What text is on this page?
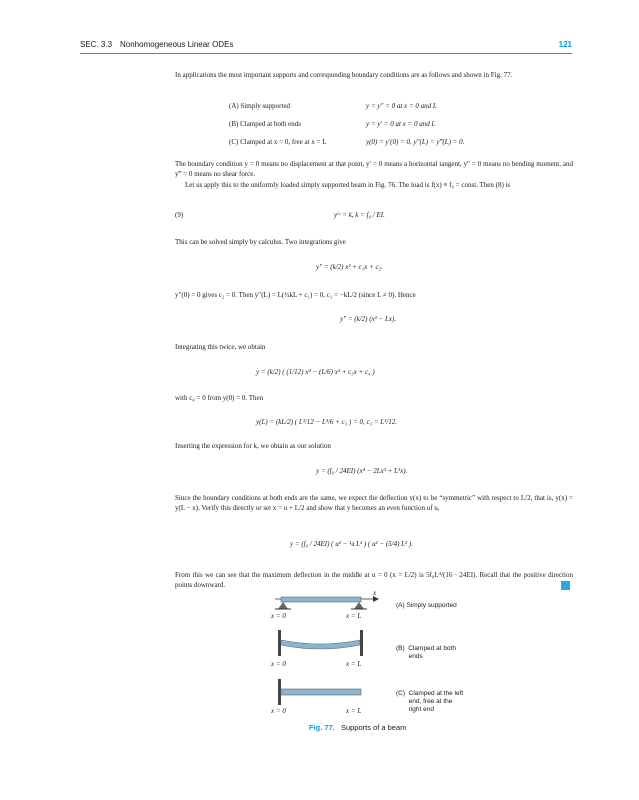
SEC. 3.3 Nonhomogeneous Linear ODEs	121
In applications the most important supports and corresponding boundary conditions are as follows and shown in Fig. 77.
(A) Simply supported	y = y″ = 0 at x = 0 and L
(B) Clamped at both ends	y = y′ = 0 at x = 0 and L
(C) Clamped at x = 0, free at x = L	y(0) = y′(0) = 0, y″(L) = y‴(L) = 0.
The boundary condition y = 0 means no displacement at that point, y′ = 0 means a horizontal tangent, y″ = 0 means no bending moment, and y‴ = 0 means no shear force.
Let us apply this to the uniformly loaded simply supported beam in Fig. 76. The load is f(x) ≡ f₀ = const. Then (8) is
(9)	yⁱᵛ = k, k = f₀ / EI.
This can be solved simply by calculus. Two integrations give
y″ = (k/2) x² + c₁x + c₂.
y″(0) = 0 gives c₂ = 0. Then y″(L) = L(½kL + c₁) = 0, c₁ = −kL/2 (since L ≠ 0). Hence
y″ = (k/2) (x² − Lx).
Integrating this twice, we obtain
y = (k/2) ( (1/12) x⁴ − (L/6) x³ + c₃x + c₄ )
with c₄ = 0 from y(0) = 0. Then
y(L) = (kL/2) ( L³/12 − L³/6 + c₃ ) = 0, c₃ = L³/12.
Inserting the expression for k, we obtain as our solution
y = (f₀ / 24EI) (x⁴ − 2Lx³ + L³x).
Since the boundary conditions at both ends are the same, we expect the deflection y(x) to be “symmetric” with respect to L/2, that is, y(x) = y(L − x). Verify this directly or set x = u + L/2 and show that y becomes an even function of u,
y = (f₀ / 24EI) ( u² − ¼ L² ) ( u² − (5/4) L² ).
From this we can see that the maximum deflection in the middle at u = 0 (x = L/2) is 5f₀L⁴/(16 · 24EI). Recall that the positive direction points downward.
x
x = 0	x = L
x = 0	x = L
x = 0	x = L
(A) Simply supported
(B)  Clamped at both
ends
(C)  Clamped at the left
end, free at the
right end
Fig. 77. Supports of a beam
